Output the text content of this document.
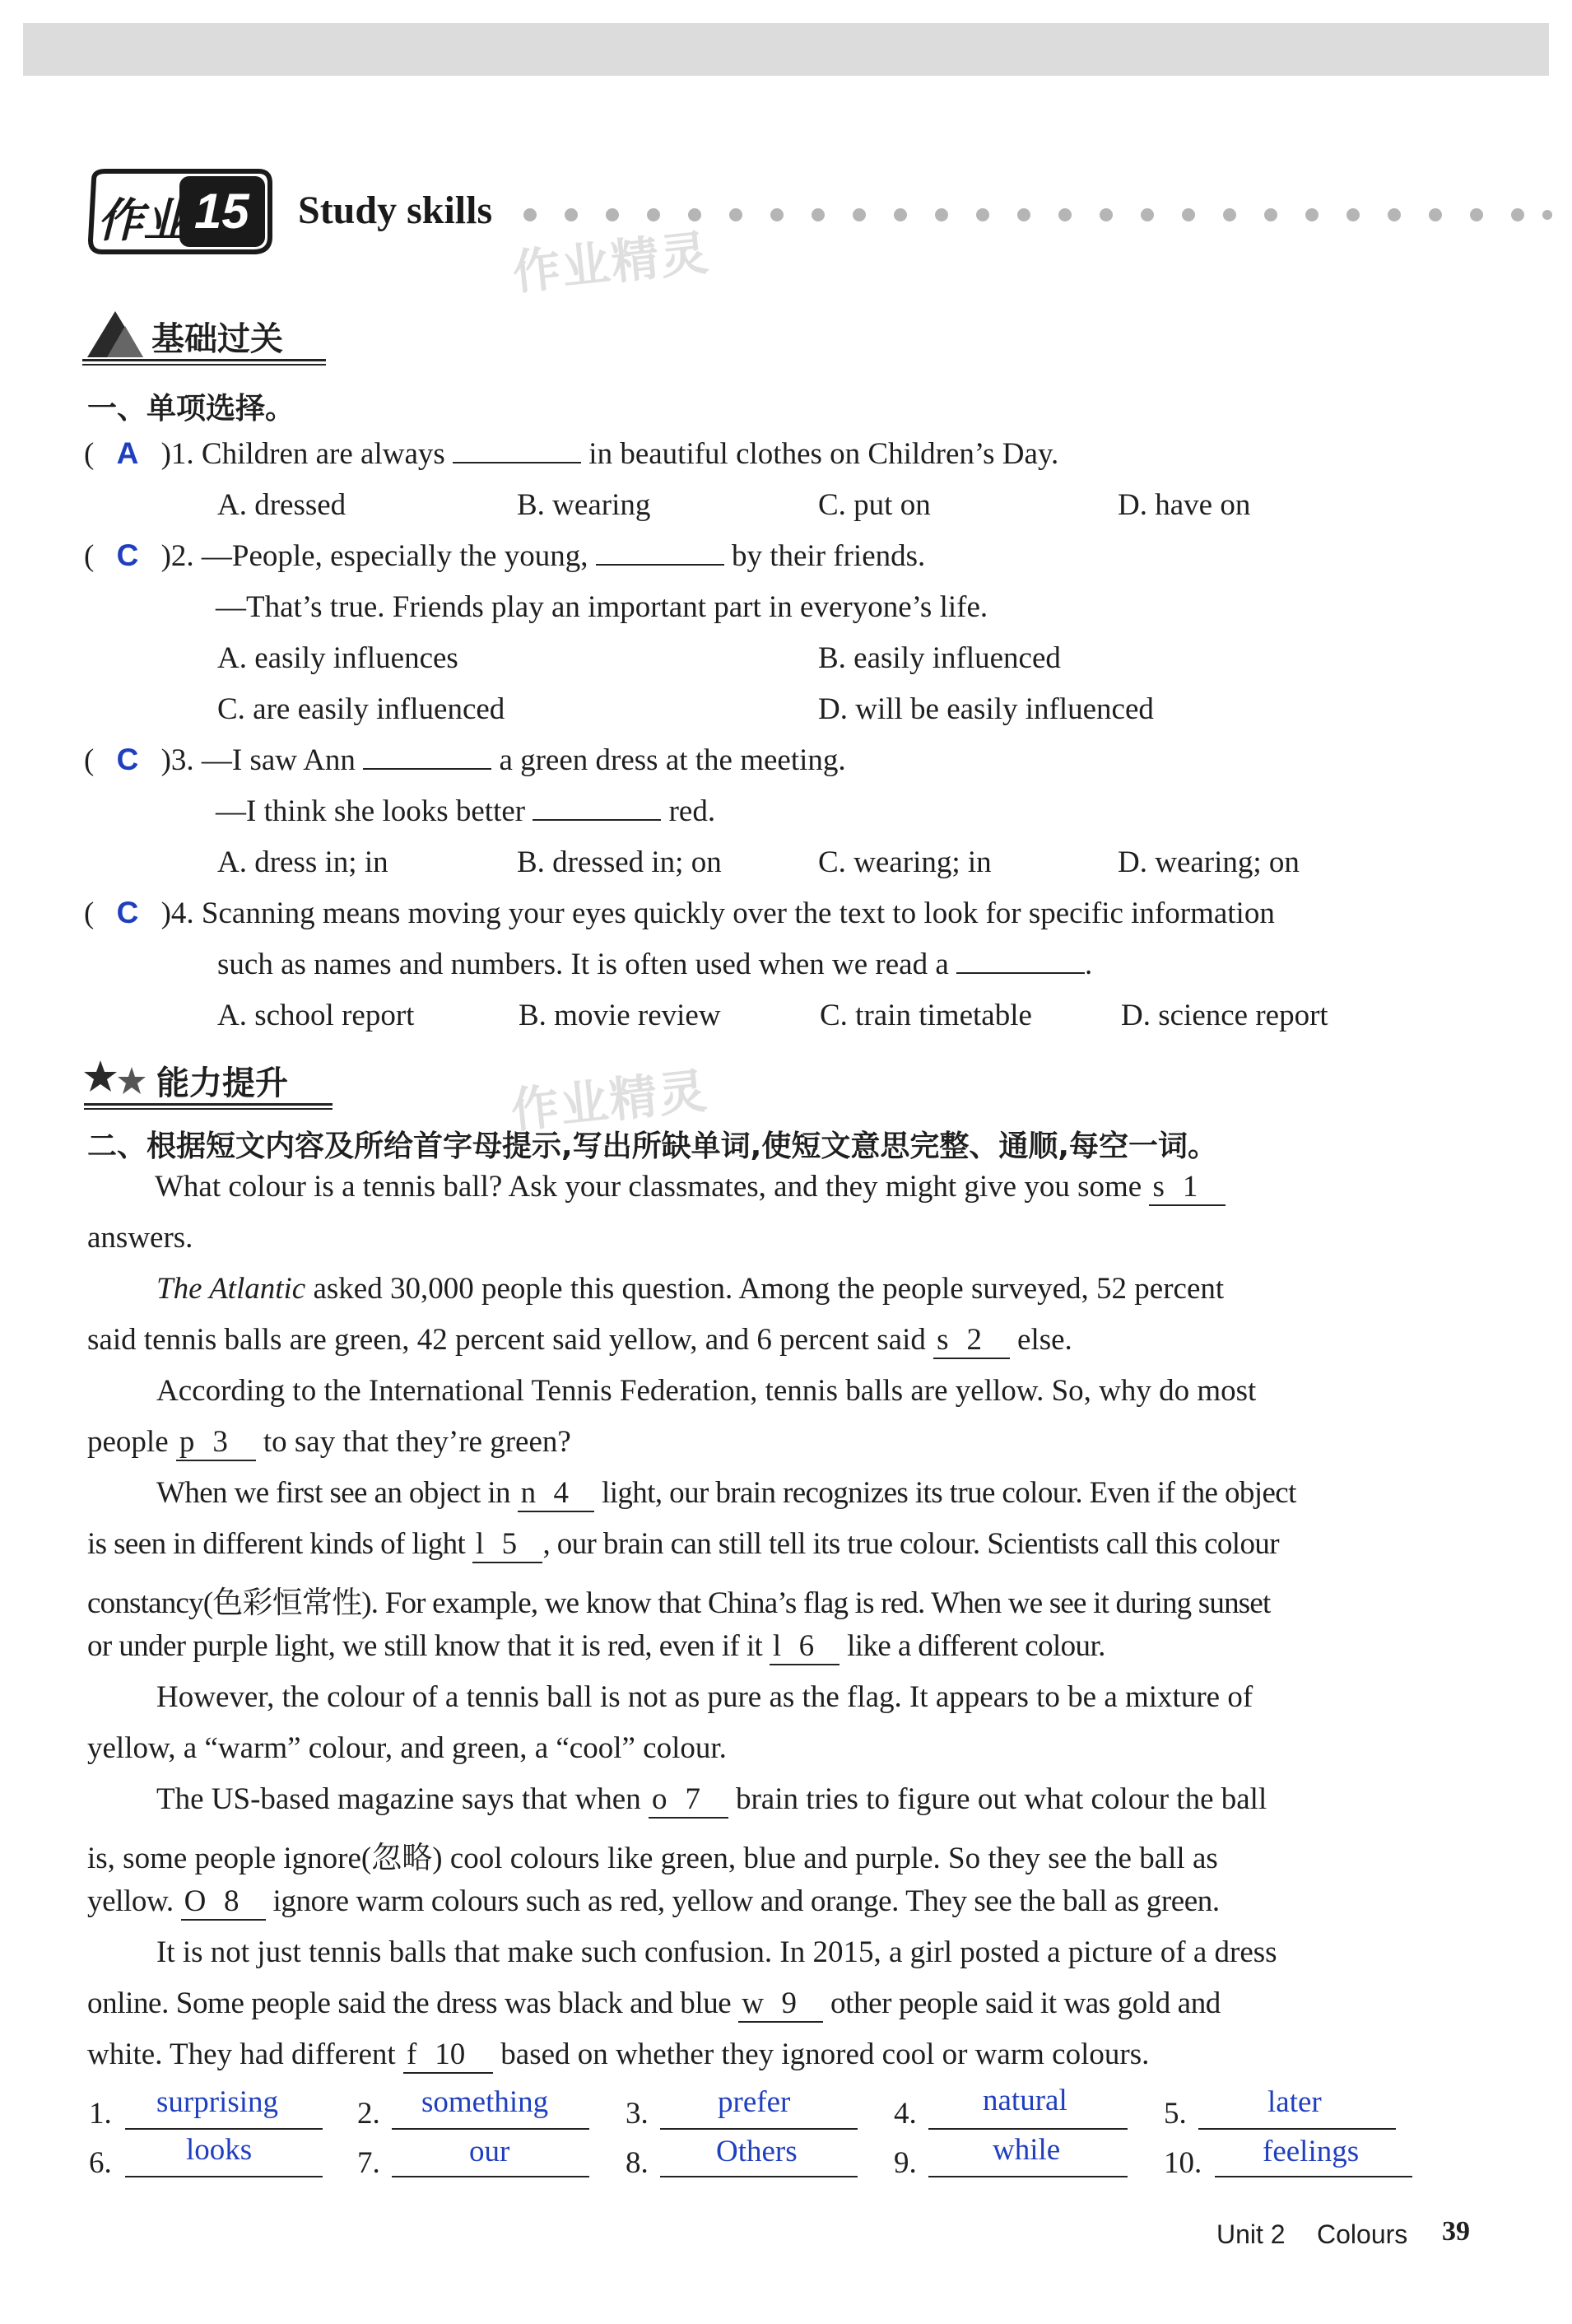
作业 15 Study skills
作业精灵
作业精灵
基础过关
一、单项选择。
( A )1. Children are always	in beautiful clothes on Children’s Day.
A. dressed	B. wearing	C. put on	D. have on
( C )2. —People, especially the young,	by their friends.
—That’s true. Friends play an important part in everyone’s life.
A. easily influences	B. easily influenced
C. are easily influenced	D. will be easily influenced
( C )3. —I saw Ann	a green dress at the meeting.
—I think she looks better	red.
A. dress in; in	B. dressed in; on	C. wearing; in	D. wearing; on
( C )4. Scanning means moving your eyes quickly over the text to look for specific information
such as names and numbers. It is often used when we read a	.
A. school report	B. movie review	C. train timetable	D. science report
能力提升
二、根据短文内容及所给首字母提示,写出所缺单词,使短文意思完整、通顺,每空一词。
What colour is a tennis ball? Ask your classmates, and they might give you some s 1
answers.
The Atlantic asked 30,000 people this question. Among the people surveyed, 52 percent
said tennis balls are green, 42 percent said yellow, and 6 percent said s 2 else.
According to the International Tennis Federation, tennis balls are yellow. So, why do most
people p 3 to say that they’re green?
When we first see an object in n 4 light, our brain recognizes its true colour. Even if the object
is seen in different kinds of light l 5 , our brain can still tell its true colour. Scientists call this colour
constancy(色彩恒常性). For example, we know that China’s flag is red. When we see it during sunset
or under purple light, we still know that it is red, even if it l 6 like a different colour.
However, the colour of a tennis ball is not as pure as the flag. It appears to be a mixture of
yellow, a “warm” colour, and green, a “cool” colour.
The US-based magazine says that when o 7 brain tries to figure out what colour the ball
is, some people ignore(忽略) cool colours like green, blue and purple. So they see the ball as
yellow. O 8 ignore warm colours such as red, yellow and orange. They see the ball as green.
It is not just tennis balls that make such confusion. In 2015, a girl posted a picture of a dress
online. Some people said the dress was black and blue w 9 other people said it was gold and
white. They had different f 10 based on whether they ignored cool or warm colours.
1. surprising	2. something	3. prefer	4. natural	5.	later
6. looks	7.	our	8. Others	9. while	10. feelings
Unit 2 Colours 39
